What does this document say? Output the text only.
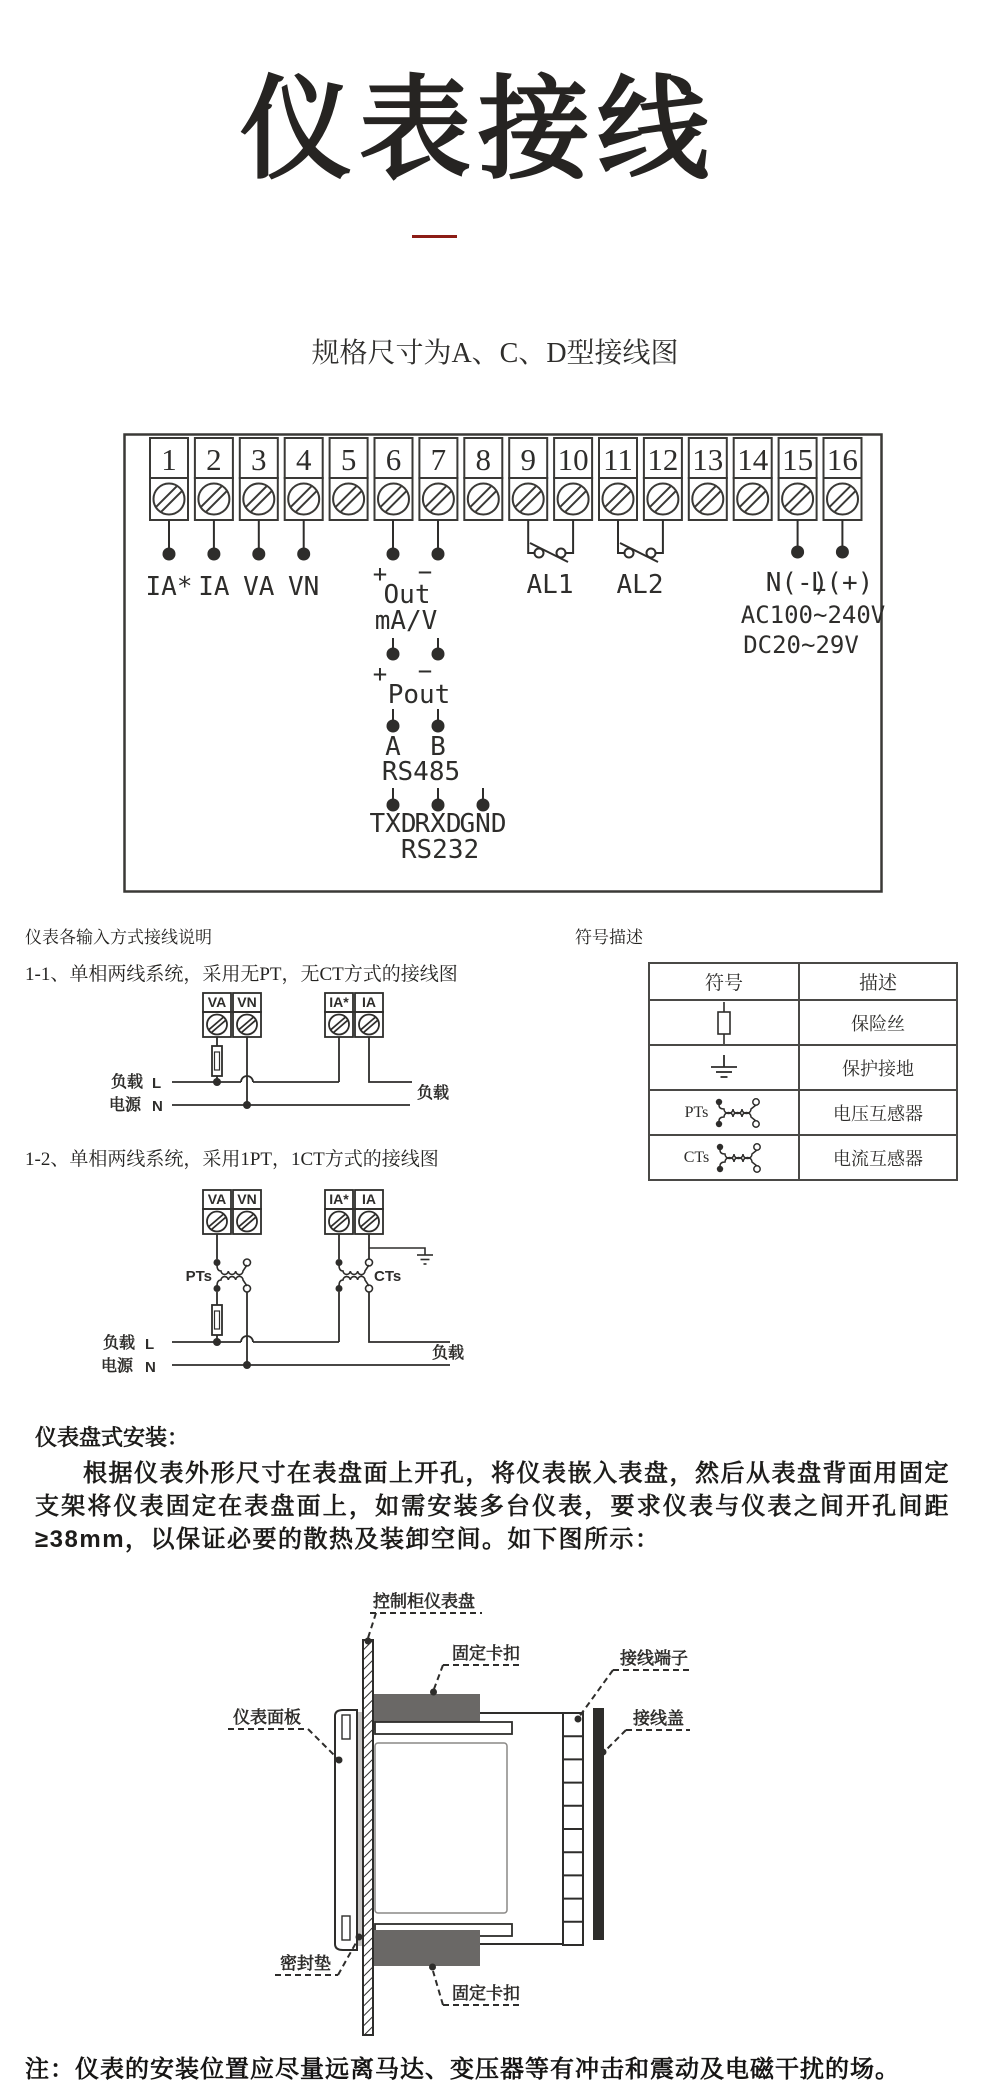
仪表接线
规格尺寸为A、C、D型接线图
1 2 3 4 5 6 7 8 9 10 11 12 13 14 15 16
IA* IA VA VN + −
Out
mA/V
+ −
Pout
A B
RS485
TXD
RXD
GND
RS232
AL1 AL2	N(-)
L(+)
AC100~240V
DC20~29V
仪表各输入方式接线说明	符号描述
1-1、单相两线系统，采用无PT，无CT方式的接线图
VA VN	IA* IA
负载 L
电源 N
负载
1-2、单相两线系统，采用1PT，1CT方式的接线图
VA VN	IA* IA
PTs	CTs
负载 L
电源 N
负载
符号	描述
保险丝
保护接地
PTs	电压互感器
CTs	电流互感器
仪表盘式安装：
根据仪表外形尺寸在表盘面上开孔，将仪表嵌入表盘，然后从表盘背面用固定支架将仪表固定在表盘面上，如需安装多台仪表，要求仪表与仪表之间开孔间距≥38mm，以保证必要的散热及装卸空间。如下图所示：
控制柜仪表盘
固定卡扣	接线端子
接线盖
仪表面板
密封垫
固定卡扣
注：仪表的安装位置应尽量远离马达、变压器等有冲击和震动及电磁干扰的场。
